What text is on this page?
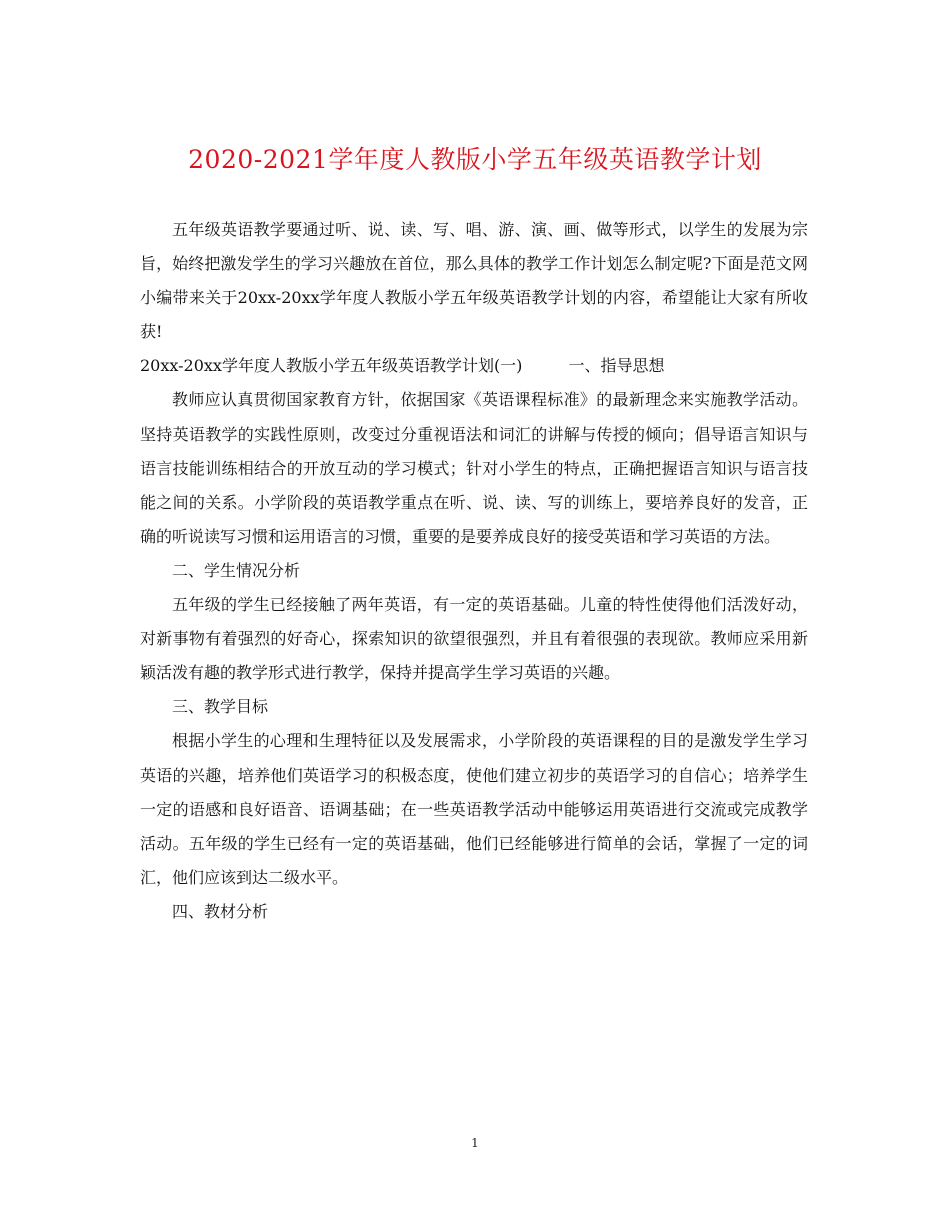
2020-2021学年度人教版小学五年级英语教学计划

五年级英语教学要通过听、说、读、写、唱、游、演、画、做等形式，以学生的发展为宗旨，始终把激发学生的学习兴趣放在首位，那么具体的教学工作计划怎么制定呢?下面是范文网小编带来关于20xx-20xx学年度人教版小学五年级英语教学计划的内容，希望能让大家有所收获!

20xx-20xx学年度人教版小学五年级英语教学计划(一)	一、指导思想

教师应认真贯彻国家教育方针，依据国家《英语课程标准》的最新理念来实施教学活动。坚持英语教学的实践性原则，改变过分重视语法和词汇的讲解与传授的倾向；倡导语言知识与语言技能训练相结合的开放互动的学习模式；针对小学生的特点，正确把握语言知识与语言技能之间的关系。小学阶段的英语教学重点在听、说、读、写的训练上，要培养良好的发音，正确的听说读写习惯和运用语言的习惯，重要的是要养成良好的接受英语和学习英语的方法。

二、学生情况分析

五年级的学生已经接触了两年英语，有一定的英语基础。儿童的特性使得他们活泼好动，对新事物有着强烈的好奇心，探索知识的欲望很强烈，并且有着很强的表现欲。教师应采用新颖活泼有趣的教学形式进行教学，保持并提高学生学习英语的兴趣。

三、教学目标

根据小学生的心理和生理特征以及发展需求，小学阶段的英语课程的目的是激发学生学习英语的兴趣，培养他们英语学习的积极态度，使他们建立初步的英语学习的自信心；培养学生一定的语感和良好语音、语调基础；在一些英语教学活动中能够运用英语进行交流或完成教学活动。五年级的学生已经有一定的英语基础，他们已经能够进行简单的会话，掌握了一定的词汇，他们应该到达二级水平。

四、教材分析

1
